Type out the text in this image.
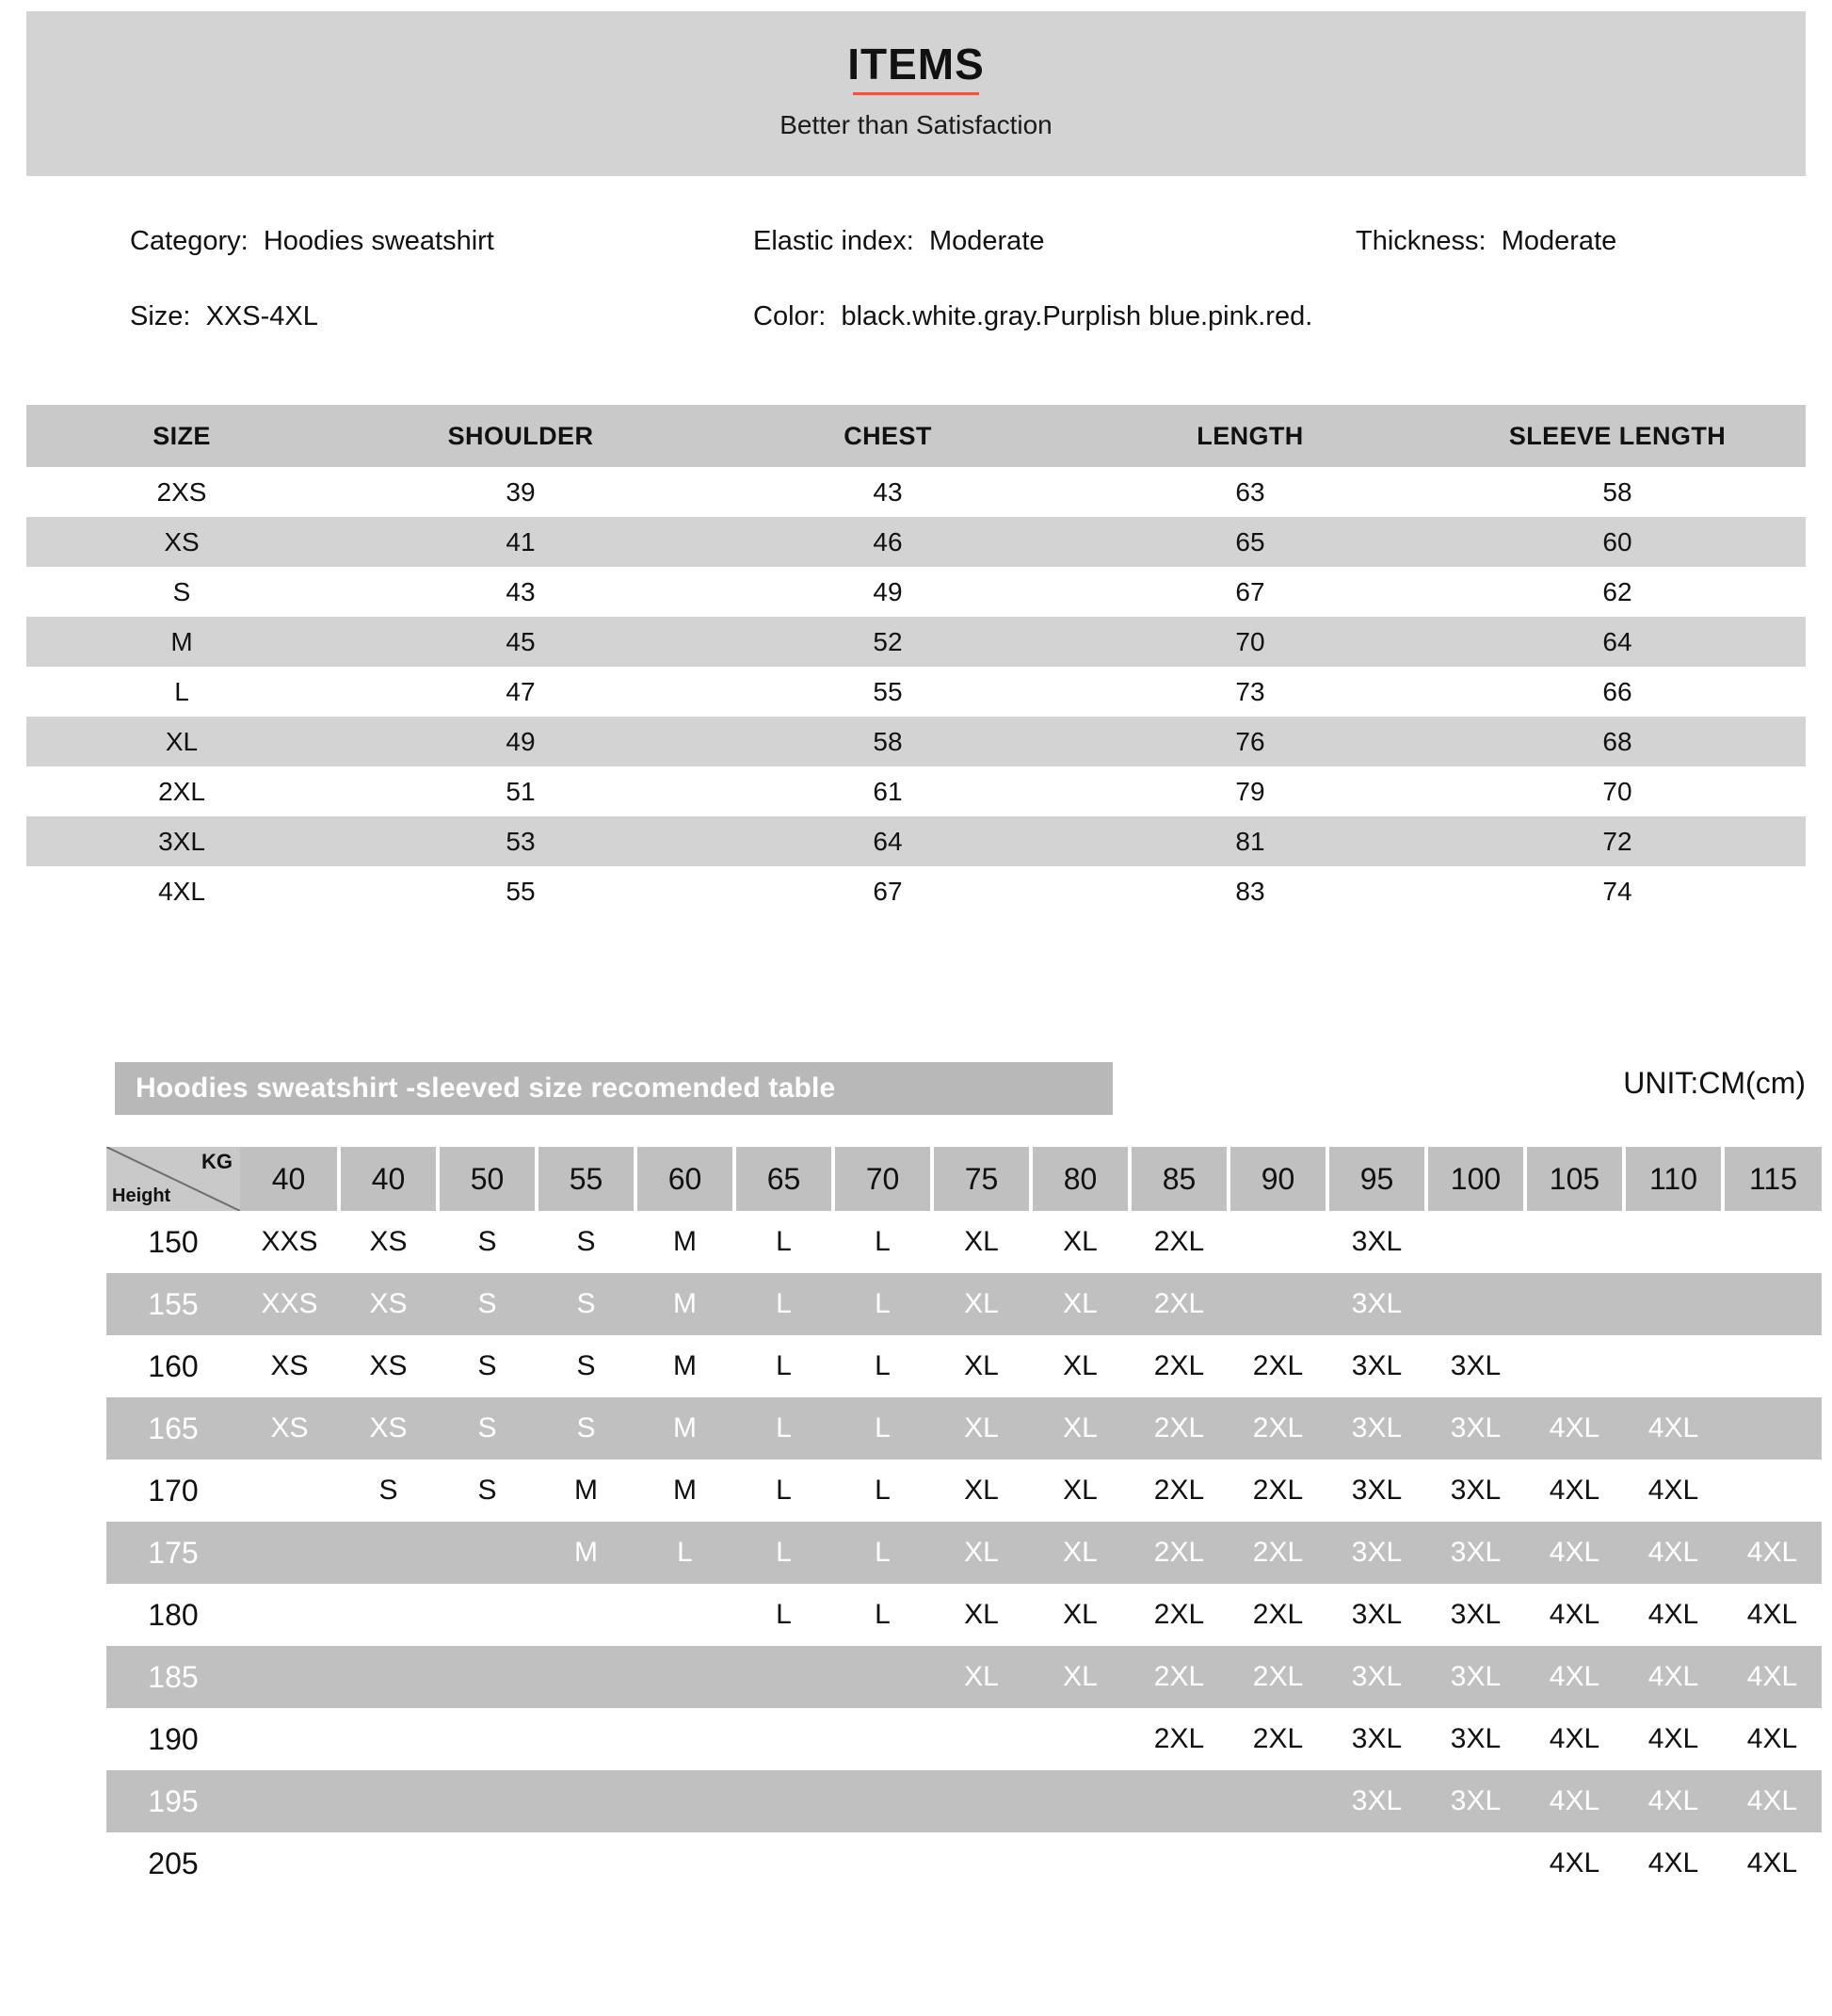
ITEMS
Better than Satisfaction
Category: Hoodies sweatshirt	Elastic index: Moderate	Thickness: Moderate
Size: XXS-4XL	Color: black.white.gray.Purplish blue.pink.red.
SIZE	SHOULDER	CHEST	LENGTH	SLEEVE LENGTH
2XS	39	43	63	58
XS	41	46	65	60
S	43	49	67	62
M	45	52	70	64
L	47	55	73	66
XL	49	58	76	68
2XL	51	61	79	70
3XL	53	64	81	72
4XL	55	67	83	74
Hoodies sweatshirt -sleeved size recomended table	UNIT:CM(cm)
KG
Height	40	40	50	55	60	65	70	75	80	85	90	95	100	105	110	115
150	XXS	XS	S	S	M	L	L	XL	XL	2XL		3XL				
155	XXS	XS	S	S	M	L	L	XL	XL	2XL		3XL				
160	XS	XS	S	S	M	L	L	XL	XL	2XL	2XL	3XL	3XL			
165	XS	XS	S	S	M	L	L	XL	XL	2XL	2XL	3XL	3XL	4XL	4XL	
170		S	S	M	M	L	L	XL	XL	2XL	2XL	3XL	3XL	4XL	4XL	
175				M	L	L	L	XL	XL	2XL	2XL	3XL	3XL	4XL	4XL	4XL
180						L	L	XL	XL	2XL	2XL	3XL	3XL	4XL	4XL	4XL
185								XL	XL	2XL	2XL	3XL	3XL	4XL	4XL	4XL
190										2XL	2XL	3XL	3XL	4XL	4XL	4XL
195												3XL	3XL	4XL	4XL	4XL
205														4XL	4XL	4XL
